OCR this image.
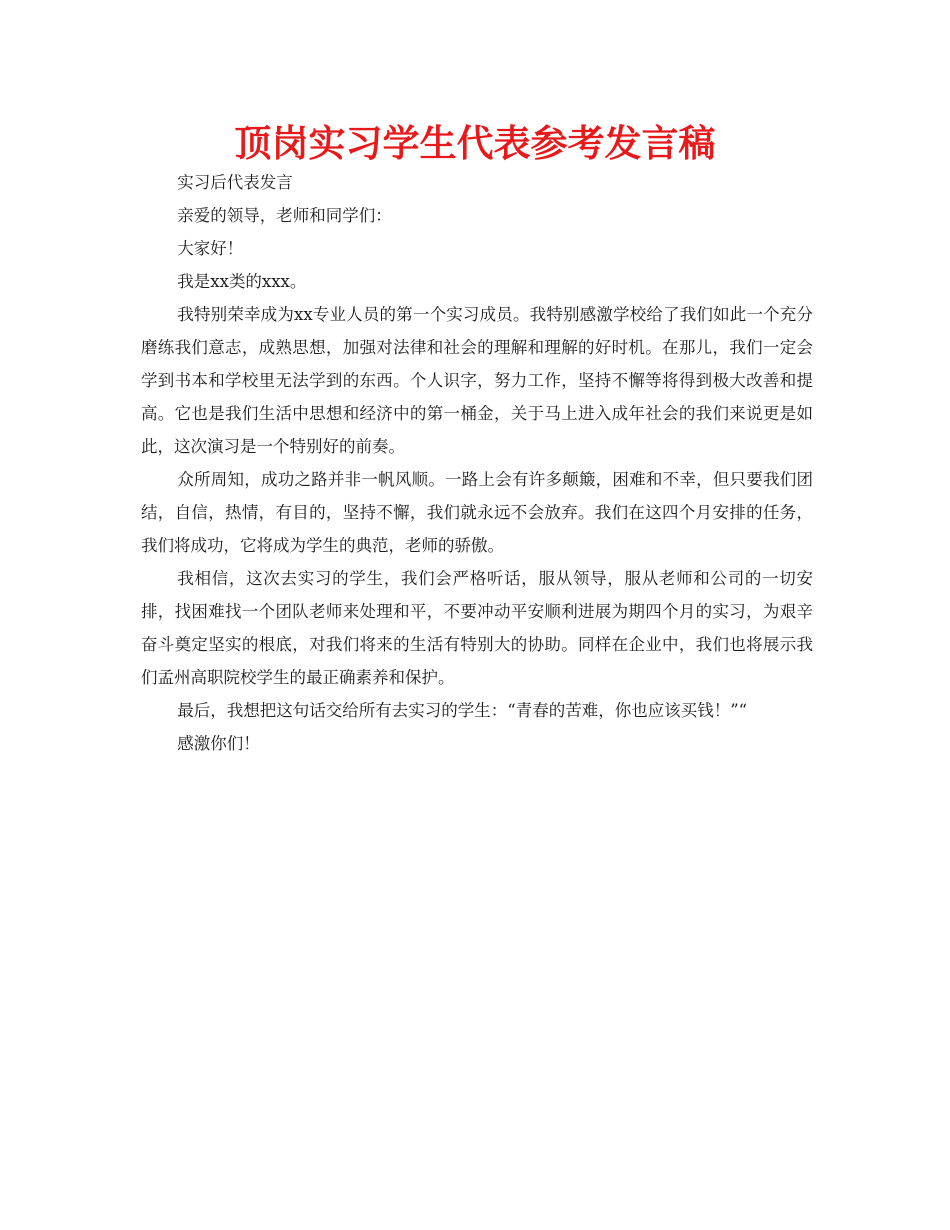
顶岗实习学生代表参考发言稿

实习后代表发言

亲爱的领导，老师和同学们：

大家好！

我是xx类的xxx。

我特别荣幸成为xx专业人员的第一个实习成员。我特别感激学校给了我们如此一个充分磨练我们意志，成熟思想，加强对法律和社会的理解和理解的好时机。在那儿，我们一定会学到书本和学校里无法学到的东西。个人识字，努力工作，坚持不懈等将得到极大改善和提高。它也是我们生活中思想和经济中的第一桶金，关于马上进入成年社会的我们来说更是如此，这次演习是一个特别好的前奏。

众所周知，成功之路并非一帆风顺。一路上会有许多颠簸，困难和不幸，但只要我们团结，自信，热情，有目的，坚持不懈，我们就永远不会放弃。我们在这四个月安排的任务，我们将成功，它将成为学生的典范，老师的骄傲。

我相信，这次去实习的学生，我们会严格听话，服从领导，服从老师和公司的一切安排，找困难找一个团队老师来处理和平，不要冲动平安顺利进展为期四个月的实习，为艰辛奋斗奠定坚实的根底，对我们将来的生活有特别大的协助。同样在企业中，我们也将展示我们孟州高职院校学生的最正确素养和保护。

最后，我想把这句话交给所有去实习的学生：“青春的苦难，你也应该买钱！”“

感激你们！
